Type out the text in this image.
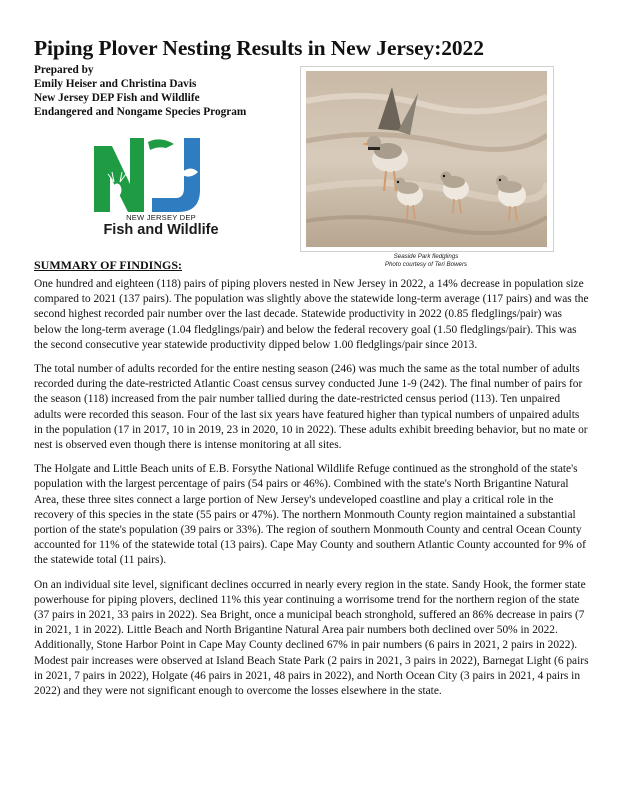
Piping Plover Nesting Results in New Jersey:2022
Prepared by
Emily Heiser and Christina Davis
New Jersey DEP Fish and Wildlife
Endangered and Nongame Species Program
NEW JERSEY DEP
Fish and Wildlife
Seaside Park fledglings
Photo courtesy of Teri Bowers
SUMMARY OF FINDINGS:

One hundred and eighteen (118) pairs of piping plovers nested in New Jersey in 2022, a 14% decrease in population size compared to 2021 (137 pairs). The population was slightly above the statewide long-term average (117 pairs) and was the second highest recorded pair number over the last decade. Statewide productivity in 2022 (0.85 fledglings/pair) was below the long-term average (1.04 fledglings/pair) and below the federal recovery goal (1.50 fledglings/pair). This was the second consecutive year statewide productivity dipped below 1.00 fledglings/pair since 2013.

The total number of adults recorded for the entire nesting season (246) was much the same as the total number of adults recorded during the date-restricted Atlantic Coast census survey conducted June 1-9 (242). The final number of pairs for the season (118) increased from the pair number tallied during the date-restricted census period (113). Ten unpaired adults were recorded this season. Four of the last six years have featured higher than typical numbers of unpaired adults in the population (17 in 2017, 10 in 2019, 23 in 2020, 10 in 2022). These adults exhibit breeding behavior, but no mate or nest is observed even though there is intense monitoring at all sites.

The Holgate and Little Beach units of E.B. Forsythe National Wildlife Refuge continued as the stronghold of the state's population with the largest percentage of pairs (54 pairs or 46%). Combined with the state's North Brigantine Natural Area, these three sites connect a large portion of New Jersey's undeveloped coastline and play a critical role in the recovery of this species in the state (55 pairs or 47%). The northern Monmouth County region maintained a substantial portion of the state's population (39 pairs or 33%). The region of southern Monmouth County and central Ocean County accounted for 11% of the statewide total (13 pairs). Cape May County and southern Atlantic County accounted for 9% of the statewide total (11 pairs).

On an individual site level, significant declines occurred in nearly every region in the state. Sandy Hook, the former state powerhouse for piping plovers, declined 11% this year continuing a worrisome trend for the northern region of the state (37 pairs in 2021, 33 pairs in 2022). Sea Bright, once a municipal beach stronghold, suffered an 86% decrease in pairs (7 in 2021, 1 in 2022). Little Beach and North Brigantine Natural Area pair numbers both declined over 50% in 2022. Additionally, Stone Harbor Point in Cape May County declined 67% in pair numbers (6 pairs in 2021, 2 pairs in 2022). Modest pair increases were observed at Island Beach State Park (2 pairs in 2021, 3 pairs in 2022), Barnegat Light (6 pairs in 2021, 7 pairs in 2022), Holgate (46 pairs in 2021, 48 pairs in 2022), and North Ocean City (3 pairs in 2021, 4 pairs in 2022) and they were not significant enough to overcome the losses elsewhere in the state.
